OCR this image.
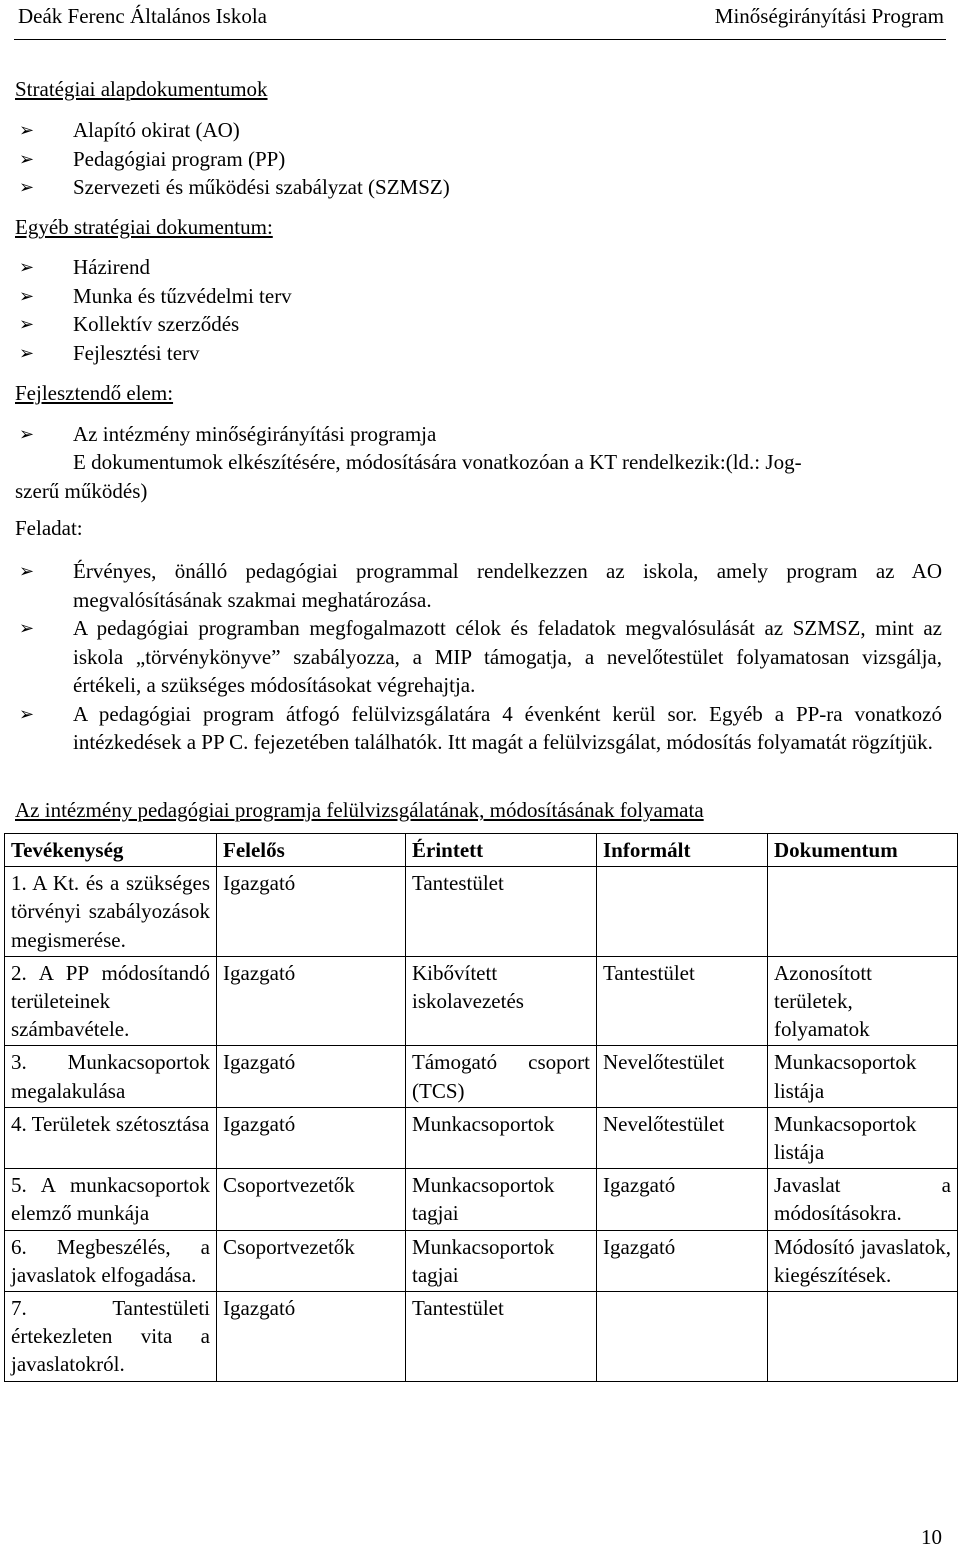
Deák Ferenc Általános Iskola	Minőségirányítási Program
Stratégiai alapdokumentumok
➢ Alapító okirat (AO)
➢ Pedagógiai program (PP)
➢ Szervezeti és működési szabályzat (SZMSZ)
Egyéb stratégiai dokumentum:
➢ Házirend
➢ Munka és tűzvédelmi terv
➢ Kollektív szerződés
➢ Fejlesztési terv
Fejlesztendő elem:
➢ Az intézmény minőségirányítási programja
E dokumentumok elkészítésére, módosítására vonatkozóan a KT rendelkezik:(ld.: Jog-
szerű működés)
Feladat:
➢ Érvényes, önálló pedagógiai programmal rendelkezzen az iskola, amely program az AO megvalósításának szakmai meghatározása.
➢ A pedagógiai programban megfogalmazott célok és feladatok megvalósulását az SZMSZ, mint az iskola „törvénykönyve” szabályozza, a MIP támogatja, a nevelőtestület folyamatosan vizsgálja, értékeli, a szükséges módosításokat végrehajtja.
➢ A pedagógiai program átfogó felülvizsgálatára 4 évenként kerül sor. Egyéb a PP-ra vonatkozó intézkedések a PP C. fejezetében találhatók. Itt magát a felülvizsgálat, módosítás folyamatát rögzítjük.
Az intézmény pedagógiai programja felülvizsgálatának, módosításának folyamata
Tevékenység	Felelős	Érintett	Informált	Dokumentum
1. A Kt. és a szükséges törvényi szabályozások megismerése.	Igazgató	Tantestület		
2. A PP módosítandó területeinek számbavétele.	Igazgató	Kibővített iskolavezetés	Tantestület	Azonosított területek, folyamatok
3. Munkacsoportok megalakulása	Igazgató	Támogató csoport (TCS)	Nevelőtestület	Munkacsoportok listája
4. Területek szétosztása	Igazgató	Munkacsoportok	Nevelőtestület	Munkacsoportok listája
5. A munkacsoportok elemző munkája	Csoportvezetők	Munkacsoportok tagjai	Igazgató	Javaslat a módosításokra.
6. Megbeszélés, a javaslatok elfogadása.	Csoportvezetők	Munkacsoportok tagjai	Igazgató	Módosító javaslatok, kiegészítések.
7. Tantestületi értekezleten vita a javaslatokról.	Igazgató	Tantestület		
10
